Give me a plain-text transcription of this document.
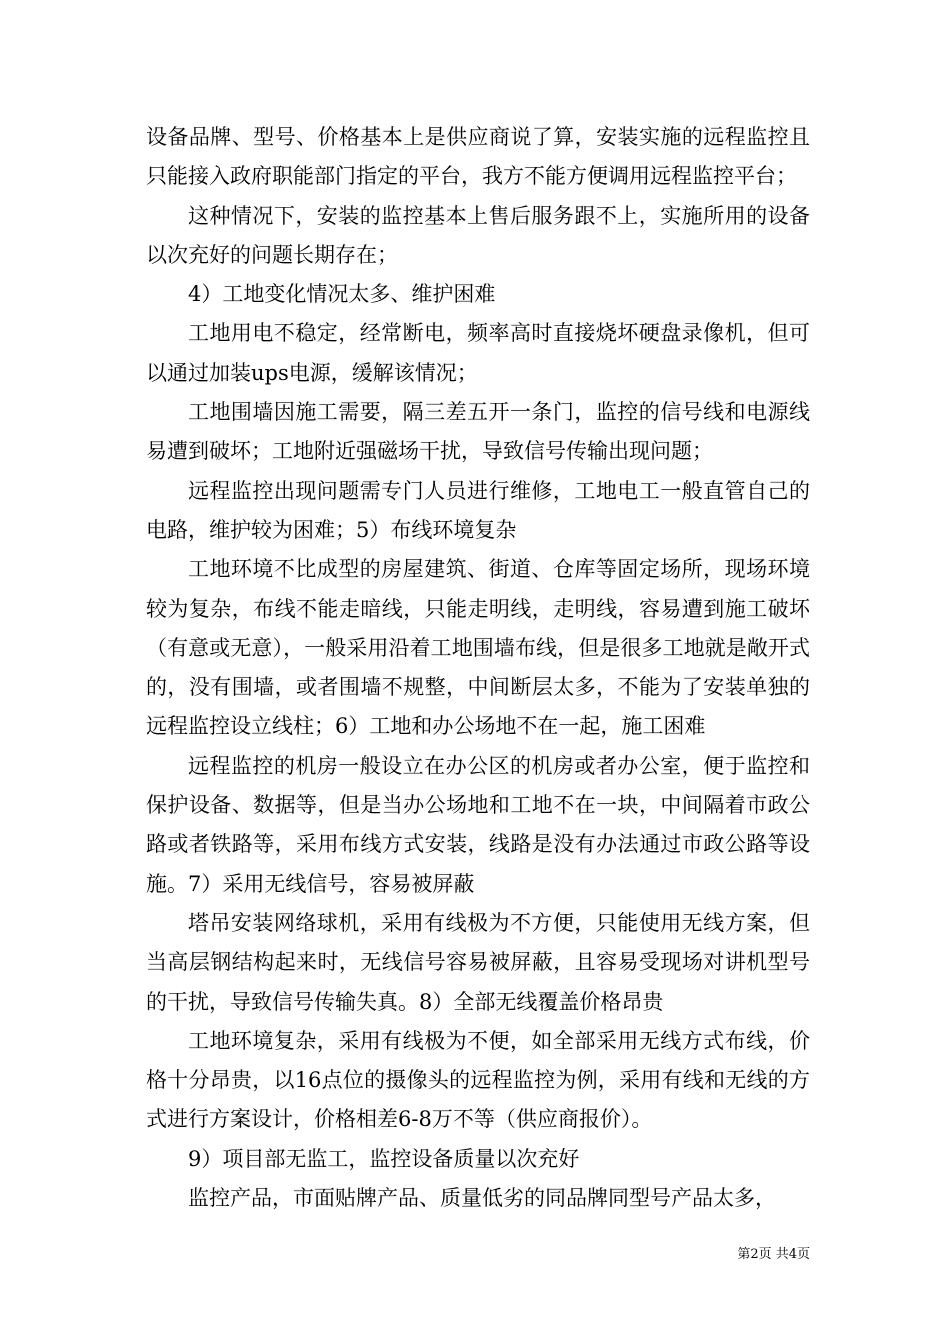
设备品牌、型号、价格基本上是供应商说了算，安装实施的远程监控且只能接入政府职能部门指定的平台，我方不能方便调用远程监控平台；

这种情况下，安装的监控基本上售后服务跟不上，实施所用的设备以次充好的问题长期存在；

4）工地变化情况太多、维护困难

工地用电不稳定，经常断电，频率高时直接烧坏硬盘录像机，但可以通过加装ups电源，缓解该情况；

工地围墙因施工需要，隔三差五开一条门，监控的信号线和电源线易遭到破坏；工地附近强磁场干扰，导致信号传输出现问题；

远程监控出现问题需专门人员进行维修，工地电工一般直管自己的电路，维护较为困难；5）布线环境复杂

工地环境不比成型的房屋建筑、街道、仓库等固定场所，现场环境较为复杂，布线不能走暗线，只能走明线，走明线，容易遭到施工破坏（有意或无意），一般采用沿着工地围墙布线，但是很多工地就是敞开式的，没有围墙，或者围墙不规整，中间断层太多，不能为了安装单独的远程监控设立线柱；6）工地和办公场地不在一起，施工困难

远程监控的机房一般设立在办公区的机房或者办公室，便于监控和保护设备、数据等，但是当办公场地和工地不在一块，中间隔着市政公路或者铁路等，采用布线方式安装，线路是没有办法通过市政公路等设施。7）采用无线信号，容易被屏蔽

塔吊安装网络球机，采用有线极为不方便，只能使用无线方案，但当高层钢结构起来时，无线信号容易被屏蔽，且容易受现场对讲机型号的干扰，导致信号传输失真。8）全部无线覆盖价格昂贵

工地环境复杂，采用有线极为不便，如全部采用无线方式布线，价格十分昂贵，以16点位的摄像头的远程监控为例，采用有线和无线的方式进行方案设计，价格相差6-8万不等（供应商报价）。

9）项目部无监工，监控设备质量以次充好

监控产品，市面贴牌产品、质量低劣的同品牌同型号产品太多，

第2页 共4页
